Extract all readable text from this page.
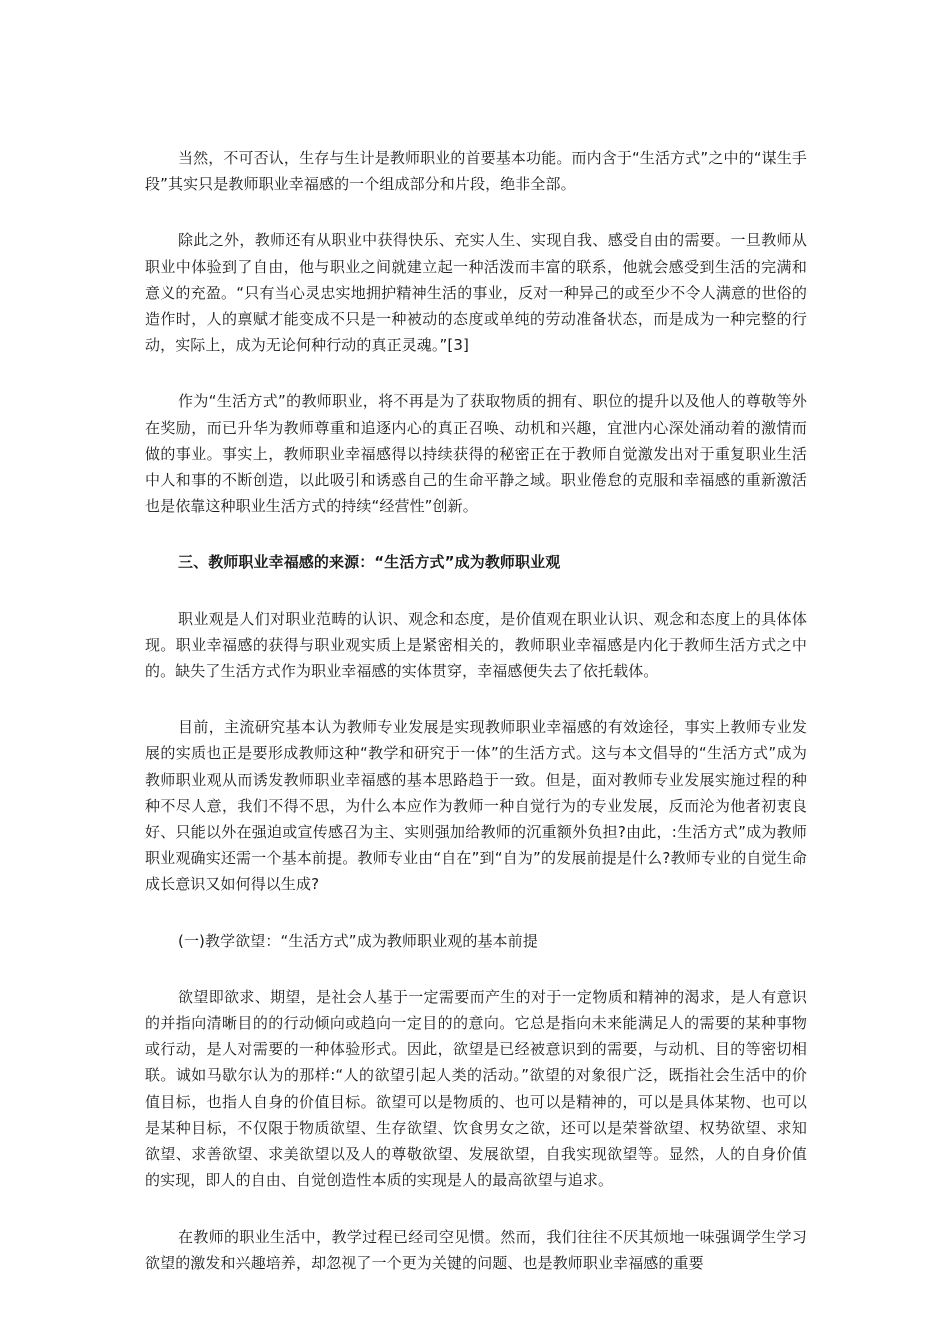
当然，不可否认，生存与生计是教师职业的首要基本功能。而内含于“生活方式”之中的“谋生手段”其实只是教师职业幸福感的一个组成部分和片段，绝非全部。

除此之外，教师还有从职业中获得快乐、充实人生、实现自我、感受自由的需要。一旦教师从职业中体验到了自由，他与职业之间就建立起一种活泼而丰富的联系，他就会感受到生活的完满和意义的充盈。“只有当心灵忠实地拥护精神生活的事业，反对一种异己的或至少不令人满意的世俗的造作时，人的禀赋才能变成不只是一种被动的态度或单纯的劳动准备状态，而是成为一种完整的行动，实际上，成为无论何种行动的真正灵魂。”[3]

作为“生活方式”的教师职业，将不再是为了获取物质的拥有、职位的提升以及他人的尊敬等外在奖励，而已升华为教师尊重和追逐内心的真正召唤、动机和兴趣，宜泄内心深处涌动着的激情而做的事业。事实上，教师职业幸福感得以持续获得的秘密正在于教师自觉激发出对于重复职业生活中人和事的不断创造，以此吸引和诱惑自己的生命平静之域。职业倦怠的克服和幸福感的重新激活也是依靠这种职业生活方式的持续“经营性”创新。

三、教师职业幸福感的来源：“生活方式”成为教师职业观

职业观是人们对职业范畴的认识、观念和态度，是价值观在职业认识、观念和态度上的具体体现。职业幸福感的获得与职业观实质上是紧密相关的，教师职业幸福感是内化于教师生活方式之中的。缺失了生活方式作为职业幸福感的实体贯穿，幸福感便失去了依托载体。

目前，主流研究基本认为教师专业发展是实现教师职业幸福感的有效途径，事实上教师专业发展的实质也正是要形成教师这种“教学和研究于一体”的生活方式。这与本文倡导的“生活方式”成为教师职业观从而诱发教师职业幸福感的基本思路趋于一致。但是，面对教师专业发展实施过程的种种不尽人意，我们不得不思，为什么本应作为教师一种自觉行为的专业发展，反而沦为他者初衷良好、只能以外在强迫或宣传感召为主、实则强加给教师的沉重额外负担?由此，:生活方式”成为教师职业观确实还需一个基本前提。教师专业由“自在”到“自为”的发展前提是什么?教师专业的自觉生命成长意识又如何得以生成?

(一)教学欲望：“生活方式”成为教师职业观的基本前提

欲望即欲求、期望，是社会人基于一定需要而产生的对于一定物质和精神的渴求，是人有意识的并指向清晰目的的行动倾向或趋向一定目的的意向。它总是指向未来能满足人的需要的某种事物或行动，是人对需要的一种体验形式。因此，欲望是已经被意识到的需要，与动机、目的等密切相联。诚如马歇尔认为的那样:“人的欲望引起人类的活动。”欲望的对象很广泛，既指社会生活中的价值目标，也指人自身的价值目标。欲望可以是物质的、也可以是精神的，可以是具体某物、也可以是某种目标，不仅限于物质欲望、生存欲望、饮食男女之欲，还可以是荣誉欲望、权势欲望、求知欲望、求善欲望、求美欲望以及人的尊敬欲望、发展欲望，自我实现欲望等。显然，人的自身价值的实现，即人的自由、自觉创造性本质的实现是人的最高欲望与追求。

在教师的职业生活中，教学过程已经司空见惯。然而，我们往往不厌其烦地一味强调学生学习欲望的激发和兴趣培养，却忽视了一个更为关键的问题、也是教师职业幸福感的重要
